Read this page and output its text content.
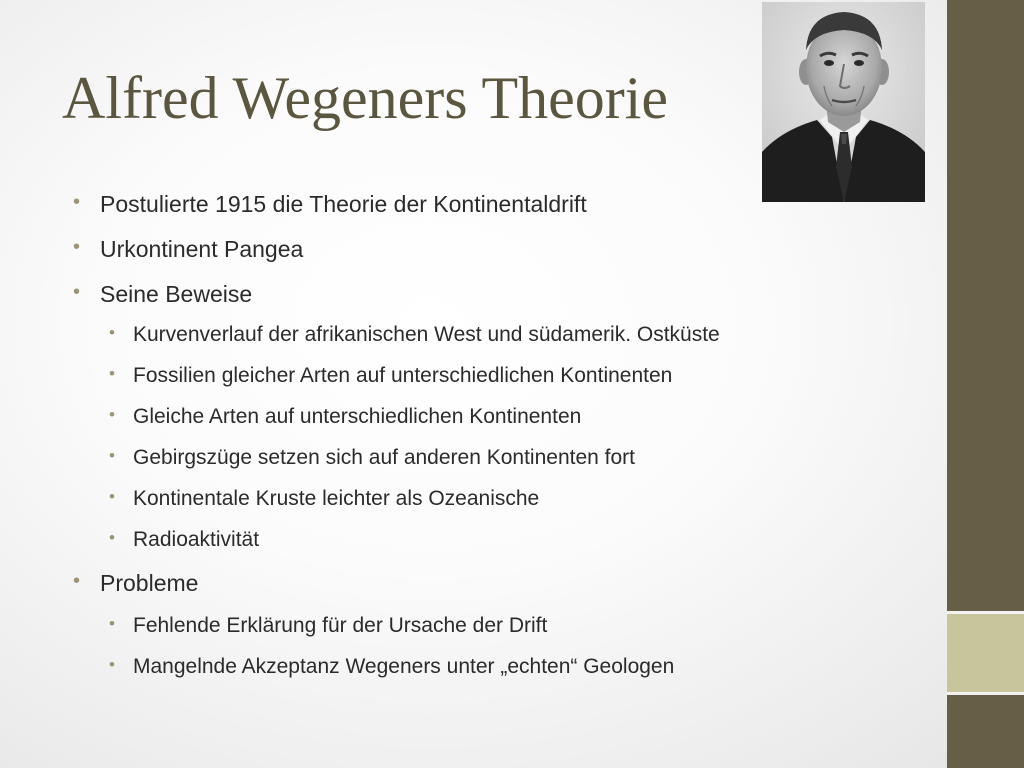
Alfred Wegeners Theorie
• Postulierte 1915 die Theorie der Kontinentaldrift
• Urkontinent Pangea
• Seine Beweise
• Kurvenverlauf der afrikanischen West und südamerik. Ostküste
• Fossilien gleicher Arten auf unterschiedlichen Kontinenten
• Gleiche Arten auf unterschiedlichen Kontinenten
• Gebirgszüge setzen sich auf anderen Kontinenten fort
• Kontinentale Kruste leichter als Ozeanische
• Radioaktivität
• Probleme
• Fehlende Erklärung für der Ursache der Drift
• Mangelnde Akzeptanz Wegeners unter „echten“ Geologen
